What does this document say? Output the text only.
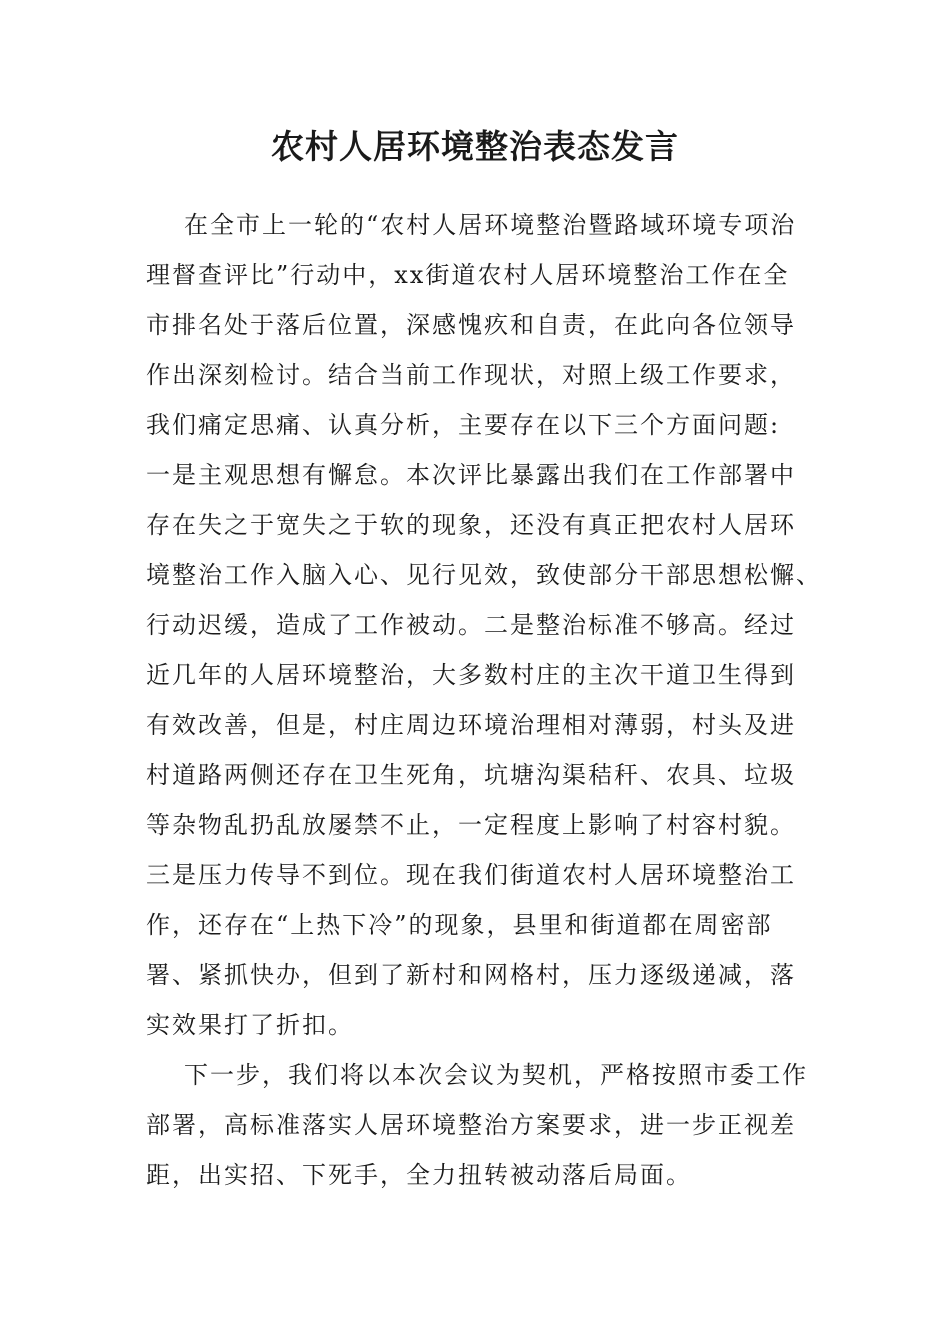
农村人居环境整治表态发言
在全市上一轮的“农村人居环境整治暨路域环境专项治
理督查评比”行动中，xx街道农村人居环境整治工作在全
市排名处于落后位置，深感愧疚和自责，在此向各位领导
作出深刻检讨。结合当前工作现状，对照上级工作要求，
我们痛定思痛、认真分析，主要存在以下三个方面问题:
一是主观思想有懈怠。本次评比暴露出我们在工作部署中
存在失之于宽失之于软的现象，还没有真正把农村人居环
境整治工作入脑入心、见行见效，致使部分干部思想松懈、
行动迟缓，造成了工作被动。二是整治标准不够高。经过
近几年的人居环境整治，大多数村庄的主次干道卫生得到
有效改善，但是，村庄周边环境治理相对薄弱，村头及进
村道路两侧还存在卫生死角，坑塘沟渠秸秆、农具、垃圾
等杂物乱扔乱放屡禁不止，一定程度上影响了村容村貌。
三是压力传导不到位。现在我们街道农村人居环境整治工
作，还存在“上热下冷”的现象，县里和街道都在周密部
署、紧抓快办，但到了新村和网格村，压力逐级递减，落
实效果打了折扣。
下一步，我们将以本次会议为契机，严格按照市委工作
部署，高标准落实人居环境整治方案要求，进一步正视差
距，出实招、下死手，全力扭转被动落后局面。
